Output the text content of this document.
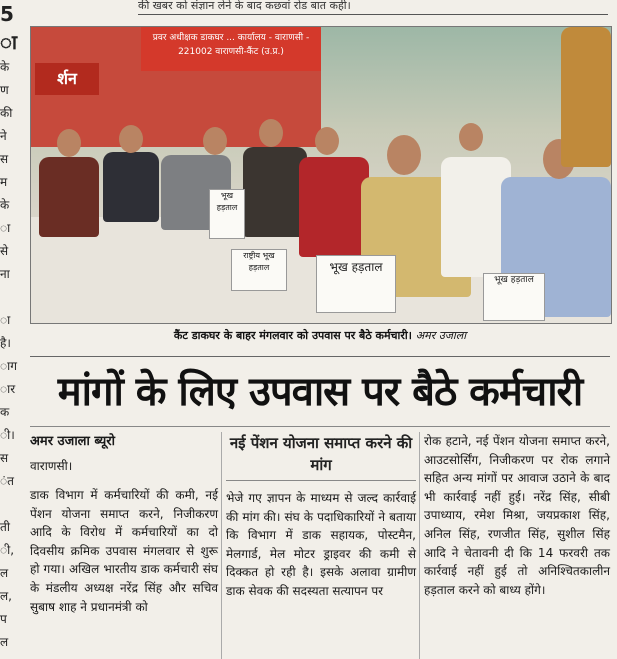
की खबर को संज्ञान लेने के बाद कछवां रोड बात कही।
5
ा
के
ण
की
ने
स
म
के
ा
से
ना

ा
है।
ाग
ार
क
ी।
स
ंत

ती
ी,
ल
ल,
प
ल
प्रवर अधीक्षक डाकघर ... कार्यालय - वाराणसी - 221002 वाराणसी-कैंट (उ.प्र.)
र्शन
भूख हड़ताल
राष्ट्रीय भूख हड़ताल
भूख हड़ताल
भूख हड़ताल
कैंट डाकघर के बाहर मंगलवार को उपवास पर बैठे कर्मचारी। अमर उजाला
मांगों के लिए उपवास पर बैठे कर्मचारी
अमर उजाला ब्यूरो
वाराणसी।

डाक विभाग में कर्मचारियों की कमी, नई पेंशन योजना समाप्त करने, निजीकरण आदि के विरोध में कर्मचारियों का दो दिवसीय क्रमिक उपवास मंगलवार से शुरू हो गया। अखिल भारतीय डाक कर्मचारी संघ के मंडलीय अध्यक्ष नरेंद्र सिंह और सचिव सुबाष शाह ने प्रधानमंत्री को

नई पेंशन योजना समाप्त करने की मांग

भेजे गए ज्ञापन के माध्यम से जल्द कार्रवाई की मांग की। संघ के पदाधिकारियों ने बताया कि विभाग में डाक सहायक, पोस्टमैन, मेलगार्ड, मेल मोटर ड्राइवर की कमी से दिक्कत हो रही है। इसके अलावा ग्रामीण डाक सेवक की सदस्यता सत्यापन पर

रोक हटाने, नई पेंशन योजना समाप्त करने, आउटसोर्सिंग, निजीकरण पर रोक लगाने सहित अन्य मांगों पर आवाज उठाने के बाद भी कार्रवाई नहीं हुई। नरेंद्र सिंह, सीबी उपाध्याय, रमेश मिश्रा, जयप्रकाश सिंह, अनिल सिंह, रणजीत सिंह, सुशील सिंह आदि ने चेतावनी दी कि 14 फरवरी तक कार्रवाई नहीं हुई तो अनिश्चितकालीन हड़ताल करने को बाध्य होंगे।
